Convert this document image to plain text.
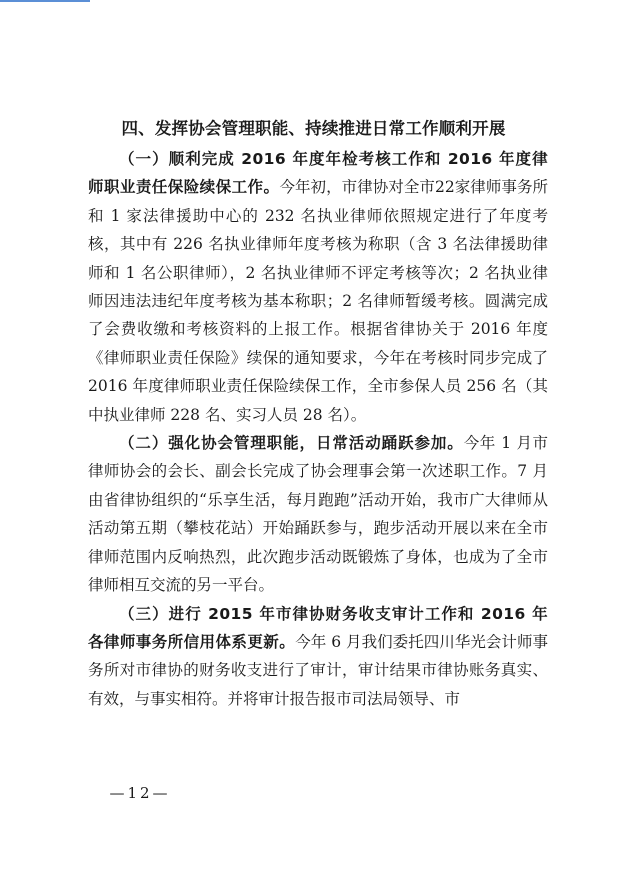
四、发挥协会管理职能、持续推进日常工作顺利开展

（一）顺利完成 2016 年度年检考核工作和 2016 年度律师职业责任保险续保工作。今年初，市律协对全市22家律师事务所和 1 家法律援助中心的 232 名执业律师依照规定进行了年度考核，其中有 226 名执业律师年度考核为称职（含 3 名法律援助律师和 1 名公职律师），2 名执业律师不评定考核等次；2 名执业律师因违法违纪年度考核为基本称职；2 名律师暂缓考核。圆满完成了会费收缴和考核资料的上报工作。根据省律协关于 2016 年度《律师职业责任保险》续保的通知要求，今年在考核时同步完成了 2016 年度律师职业责任保险续保工作，全市参保人员 256 名（其中执业律师 228 名、实习人员 28 名）。

（二）强化协会管理职能，日常活动踊跃参加。今年 1 月市律师协会的会长、副会长完成了协会理事会第一次述职工作。7 月由省律协组织的“乐享生活，每月跑跑”活动开始，我市广大律师从活动第五期（攀枝花站）开始踊跃参与，跑步活动开展以来在全市律师范围内反响热烈，此次跑步活动既锻炼了身体，也成为了全市律师相互交流的另一平台。

（三）进行 2015 年市律协财务收支审计工作和 2016 年各律师事务所信用体系更新。今年 6 月我们委托四川华光会计师事务所对市律协的财务收支进行了审计，审计结果市律协账务真实、有效，与事实相符。并将审计报告报市司法局领导、市

—12—
